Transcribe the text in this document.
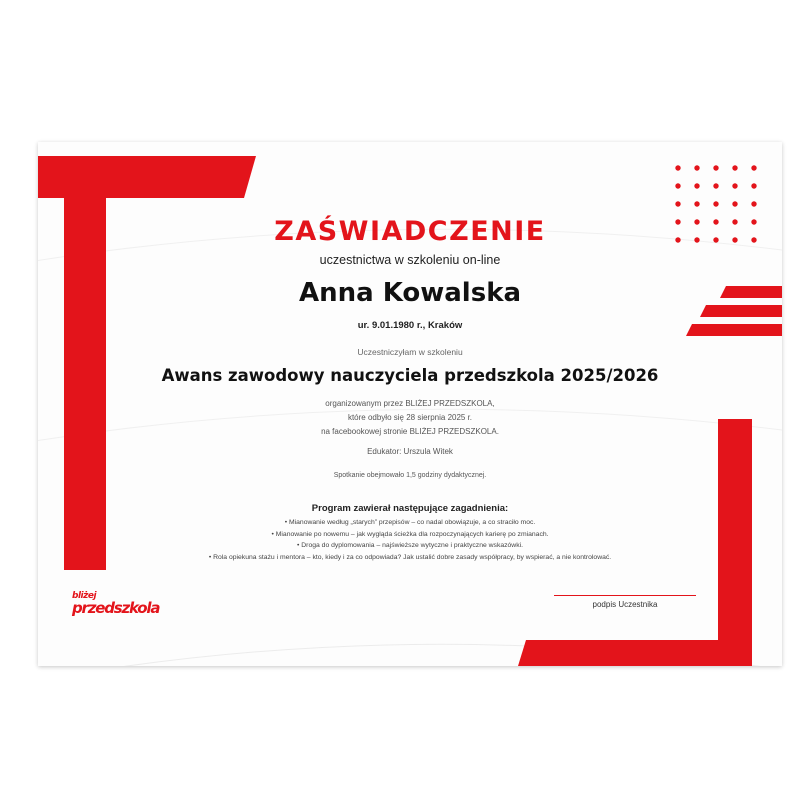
ZAŚWIADCZENIE
uczestnictwa w szkoleniu on-line
Anna Kowalska
ur. 9.01.1980 r., Kraków
Uczestniczyłam w szkoleniu
Awans zawodowy nauczyciela przedszkola 2025/2026
organizowanym przez BLIŻEJ PRZEDSZKOLA,
które odbyło się 28 sierpnia 2025 r.
na facebookowej stronie BLIŻEJ PRZEDSZKOLA.
Edukator: Urszula Witek
Spotkanie obejmowało 1,5 godziny dydaktycznej.
Program zawierał następujące zagadnienia:
• Mianowanie według „starych” przepisów – co nadal obowiązuje, a co straciło moc.
• Mianowanie po nowemu – jak wygląda ścieżka dla rozpoczynających karierę po zmianach.
• Droga do dyplomowania – najświeższe wytyczne i praktyczne wskazówki.
• Rola opiekuna stażu i mentora – kto, kiedy i za co odpowiada? Jak ustalić dobre zasady współpracy, by wspierać, a nie kontrolować.
bliżej
przedszkola	podpis Uczestnika
